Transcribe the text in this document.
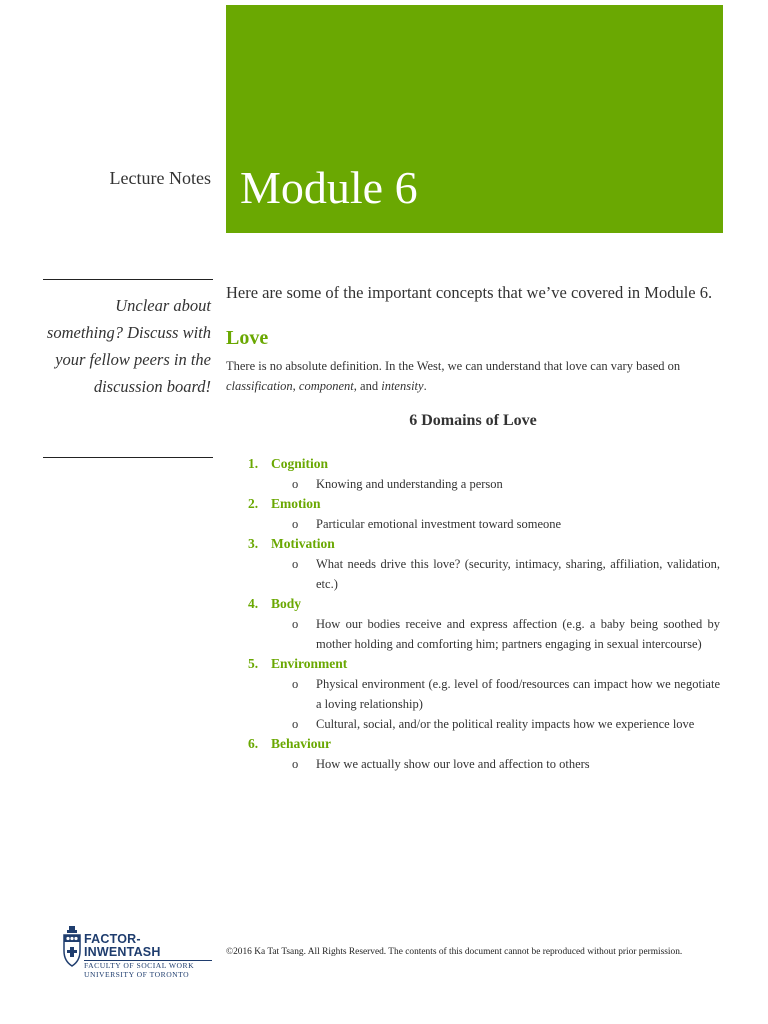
Lecture Notes Module 6
Unclear about something? Discuss with your fellow peers in the discussion board!

Here are some of the important concepts that we’ve covered in Module 6.

Love

There is no absolute definition. In the West, we can understand that love can vary based on classification, component, and intensity.

6 Domains of Love
1. Cognition
o Knowing and understanding a person
2. Emotion
o Particular emotional investment toward someone
3. Motivation
o What needs drive this love? (security, intimacy, sharing, affiliation, validation, etc.)
4. Body
o How our bodies receive and express affection (e.g. a baby being soothed by mother holding and comforting him; partners engaging in sexual intercourse)
5. Environment
o Physical environment (e.g. level of food/resources can impact how we negotiate a loving relationship)
o Cultural, social, and/or the political reality impacts how we experience love
6. Behaviour
o How we actually show our love and affection to others
FACTOR-INWENTASH
FACULTY OF SOCIAL WORK
UNIVERSITY OF TORONTO
©2016 Ka Tat Tsang. All Rights Reserved. The contents of this document cannot be reproduced without prior permission.
